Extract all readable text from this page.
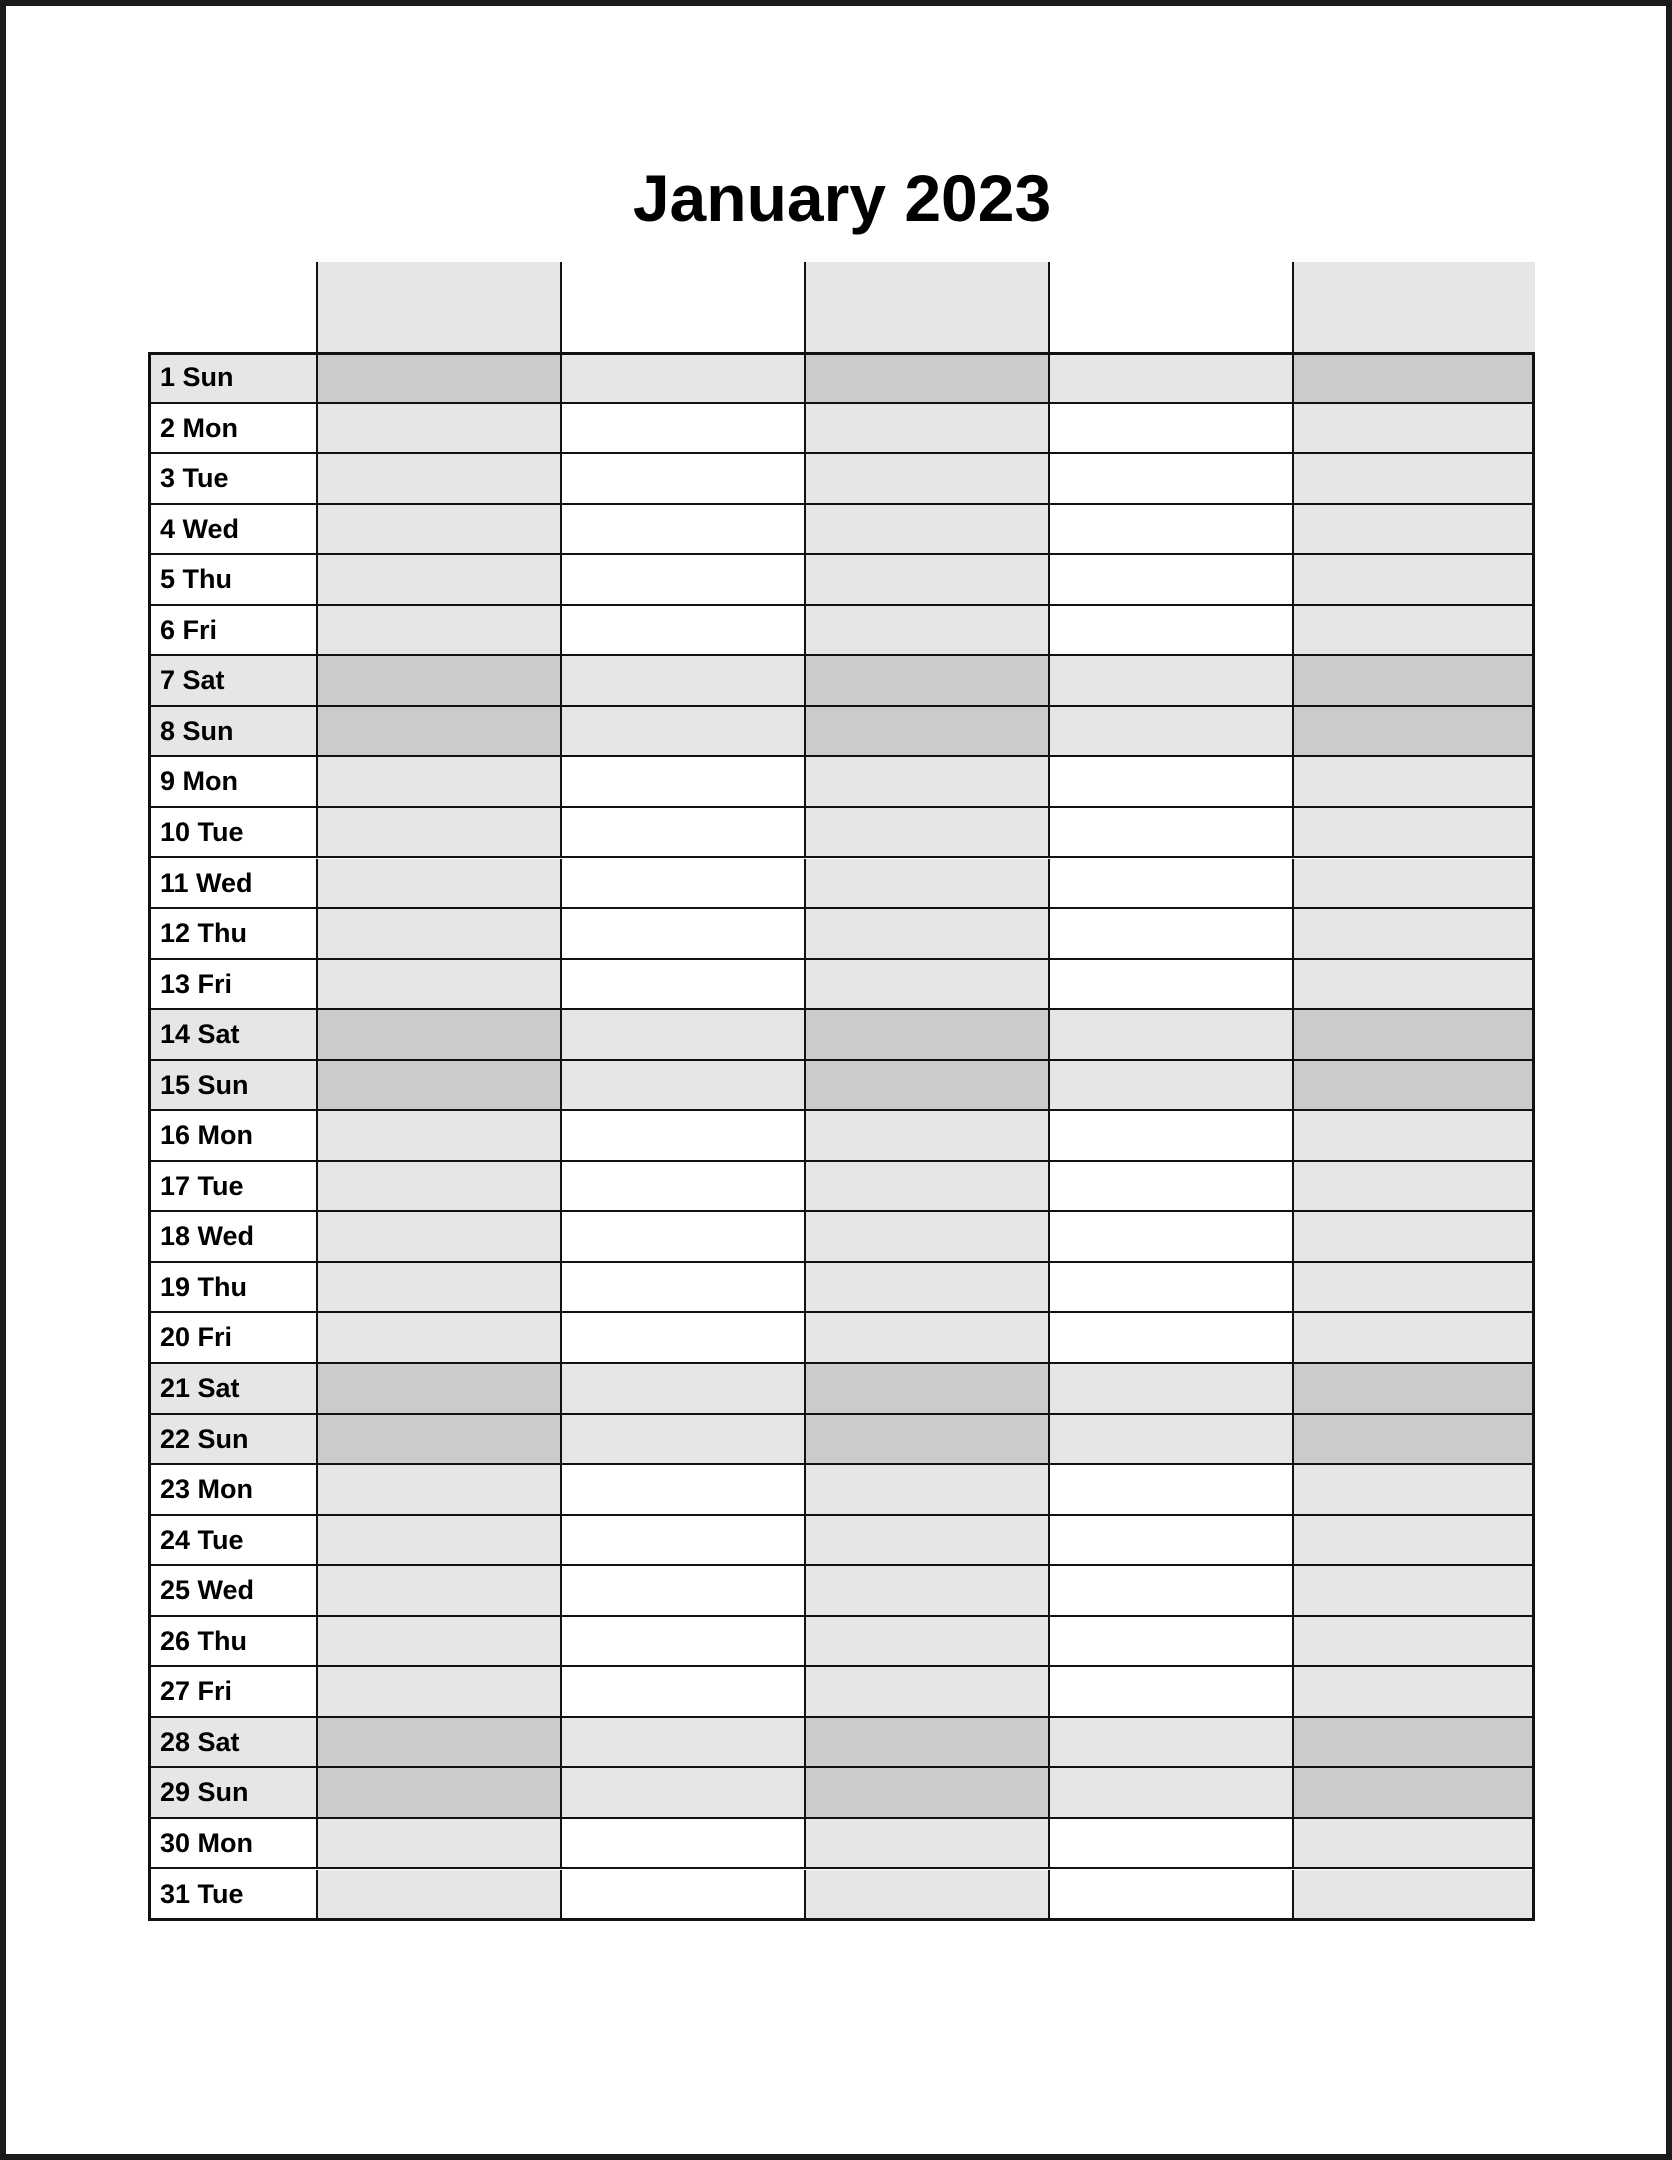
January 2023
1 Sun
2 Mon
3 Tue
4 Wed
5 Thu
6 Fri
7 Sat
8 Sun
9 Mon
10 Tue
11 Wed
12 Thu
13 Fri
14 Sat
15 Sun
16 Mon
17 Tue
18 Wed
19 Thu
20 Fri
21 Sat
22 Sun
23 Mon
24 Tue
25 Wed
26 Thu
27 Fri
28 Sat
29 Sun
30 Mon
31 Tue
